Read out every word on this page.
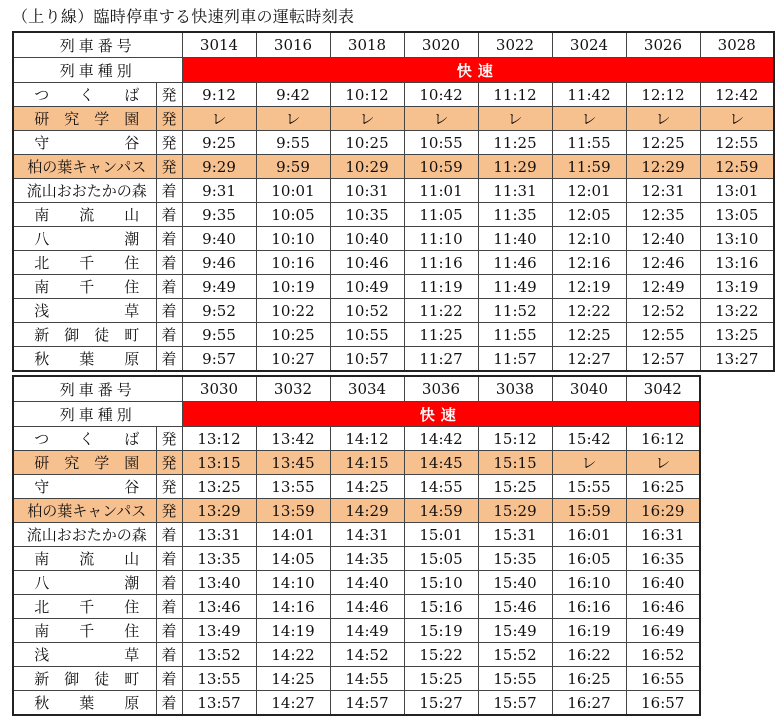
（上り線）臨時停車する快速列車の運転時刻表
列車番号		3014	3016	3018	3020	3022	3024	3026	3028
列車種別		快速							
つ　　く　　ば	発	9:12	9:42	10:12	10:42	11:12	11:42	12:12	12:42
研　究　学　園	発	レ	レ	レ	レ	レ	レ	レ	レ
守　　　　　谷	発	9:25	9:55	10:25	10:55	11:25	11:55	12:25	12:55
柏の葉キャンパス	発	9:29	9:59	10:29	10:59	11:29	11:59	12:29	12:59
流山おおたかの森	着	9:31	10:01	10:31	11:01	11:31	12:01	12:31	13:01
南　　流　　山	着	9:35	10:05	10:35	11:05	11:35	12:05	12:35	13:05
八　　　　　潮	着	9:40	10:10	10:40	11:10	11:40	12:10	12:40	13:10
北　　千　　住	着	9:46	10:16	10:46	11:16	11:46	12:16	12:46	13:16
南　　千　　住	着	9:49	10:19	10:49	11:19	11:49	12:19	12:49	13:19
浅　　　　　草	着	9:52	10:22	10:52	11:22	11:52	12:22	12:52	13:22
新　御　徒　町	着	9:55	10:25	10:55	11:25	11:55	12:25	12:55	13:25
秋　　葉　　原	着	9:57	10:27	10:57	11:27	11:57	12:27	12:57	13:27
列車番号		3030	3032	3034	3036	3038	3040	3042
列車種別		快速						
つ　　く　　ば	発	13:12	13:42	14:12	14:42	15:12	15:42	16:12
研　究　学　園	発	13:15	13:45	14:15	14:45	15:15	レ	レ
守　　　　　谷	発	13:25	13:55	14:25	14:55	15:25	15:55	16:25
柏の葉キャンパス	発	13:29	13:59	14:29	14:59	15:29	15:59	16:29
流山おおたかの森	着	13:31	14:01	14:31	15:01	15:31	16:01	16:31
南　　流　　山	着	13:35	14:05	14:35	15:05	15:35	16:05	16:35
八　　　　　潮	着	13:40	14:10	14:40	15:10	15:40	16:10	16:40
北　　千　　住	着	13:46	14:16	14:46	15:16	15:46	16:16	16:46
南　　千　　住	着	13:49	14:19	14:49	15:19	15:49	16:19	16:49
浅　　　　　草	着	13:52	14:22	14:52	15:22	15:52	16:22	16:52
新　御　徒　町	着	13:55	14:25	14:55	15:25	15:55	16:25	16:55
秋　　葉　　原	着	13:57	14:27	14:57	15:27	15:57	16:27	16:57
